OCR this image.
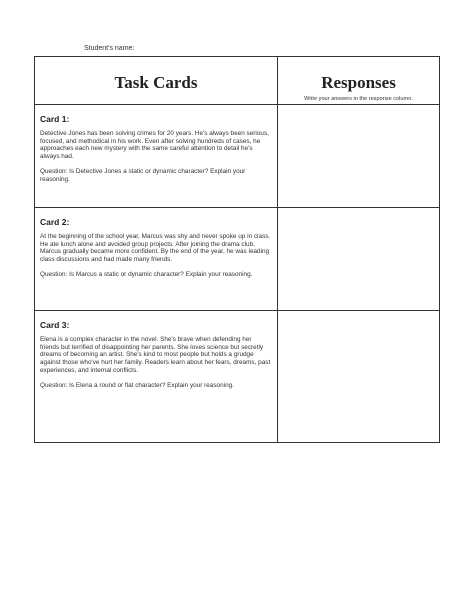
Student's name:
Task Cards	Responses
Write your answers in the response column.

Card 1:
Detective Jones has been solving crimes for 20 years. He's always been serious, focused, and methodical in his work. Even after solving hundreds of cases, he approaches each new mystery with the same careful attention to detail he's always had.
Question: Is Detective Jones a static or dynamic character? Explain your reasoning.	

Card 2:
At the beginning of the school year, Marcus was shy and never spoke up in class. He ate lunch alone and avoided group projects. After joining the drama club, Marcus gradually became more confident. By the end of the year, he was leading class discussions and had made many friends.
Question: Is Marcus a static or dynamic character? Explain your reasoning.	

Card 3:
Elena is a complex character in the novel. She's brave when defending her friends but terrified of disappointing her parents. She loves science but secretly dreams of becoming an artist. She's kind to most people but holds a grudge against those who've hurt her family. Readers learn about her fears, dreams, past experiences, and internal conflicts.
Question: Is Elena a round or flat character? Explain your reasoning.	
